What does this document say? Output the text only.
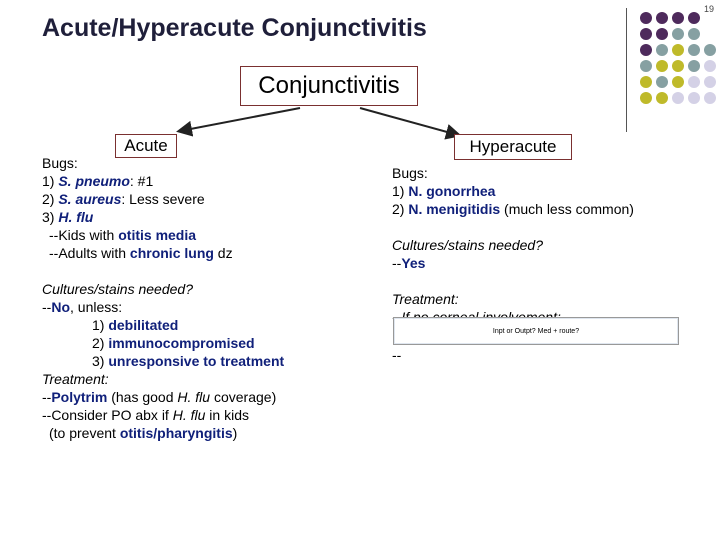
Acute/Hyperacute Conjunctivitis
19
Conjunctivitis
Acute	Hyperacute
Bugs:
1) S. pneumo: #1
2) S. aureus: Less severe
3) H. flu
--Kids with otitis media
--Adults with chronic lung dz
Cultures/stains needed?
--No, unless:
1) debilitated
2) immunocompromised
3) unresponsive to treatment
Treatment:
--Polytrim (has good H. flu coverage)
--Consider PO abx if H. flu in kids
(to prevent otitis/pharyngitis)
Bugs:
1) N. gonorrhea
2) N. menigitidis (much less common)
Cultures/stains needed?
--Yes
Treatment:
Inpt or Outpt? Med + route?
--
